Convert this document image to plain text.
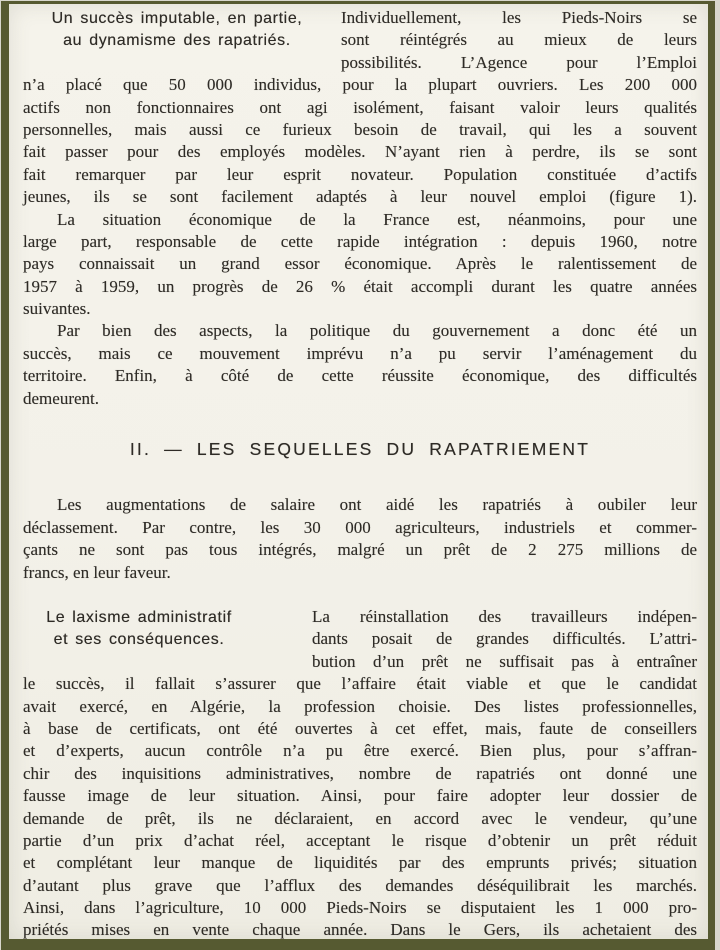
Un succès imputable, en partie,
au dynamisme des rapatriés.
Individuellement, les Pieds-Noirs se
sont réintégrés au mieux de leurs
possibilités. L’Agence pour l’Emploi
n’a placé que 50 000 individus, pour la plupart ouvriers. Les 200 000
actifs non fonctionnaires ont agi isolément, faisant valoir leurs qualités
personnelles, mais aussi ce furieux besoin de travail, qui les a souvent
fait passer pour des employés modèles. N’ayant rien à perdre, ils se sont
fait remarquer par leur esprit novateur. Population constituée d’actifs
jeunes, ils se sont facilement adaptés à leur nouvel emploi (figure 1).
La situation économique de la France est, néanmoins, pour une
large part, responsable de cette rapide intégration : depuis 1960, notre
pays connaissait un grand essor économique. Après le ralentissement de
1957 à 1959, un progrès de 26 % était accompli durant les quatre années
suivantes.
Par bien des aspects, la politique du gouvernement a donc été un
succès, mais ce mouvement imprévu n’a pu servir l’aménagement du
territoire. Enfin, à côté de cette réussite économique, des difficultés
demeurent.
II. — LES SEQUELLES DU RAPATRIEMENT
Les augmentations de salaire ont aidé les rapatriés à oubiler leur
déclassement. Par contre, les 30 000 agriculteurs, industriels et commer-
çants ne sont pas tous intégrés, malgré un prêt de 2 275 millions de
francs, en leur faveur.
Le laxisme administratif
et ses conséquences.
La réinstallation des travailleurs indépen-
dants posait de grandes difficultés. L’attri-
bution d’un prêt ne suffisait pas à entraîner
le succès, il fallait s’assurer que l’affaire était viable et que le candidat
avait exercé, en Algérie, la profession choisie. Des listes professionnelles,
à base de certificats, ont été ouvertes à cet effet, mais, faute de conseillers
et d’experts, aucun contrôle n’a pu être exercé. Bien plus, pour s’affran-
chir des inquisitions administratives, nombre de rapatriés ont donné une
fausse image de leur situation. Ainsi, pour faire adopter leur dossier de
demande de prêt, ils ne déclaraient, en accord avec le vendeur, qu’une
partie d’un prix d’achat réel, acceptant le risque d’obtenir un prêt réduit
et complétant leur manque de liquidités par des emprunts privés; situation
d’autant plus grave que l’afflux des demandes déséquilibrait les marchés.
Ainsi, dans l’agriculture, 10 000 Pieds-Noirs se disputaient les 1 000 pro-
priétés mises en vente chaque année. Dans le Gers, ils achetaient des
